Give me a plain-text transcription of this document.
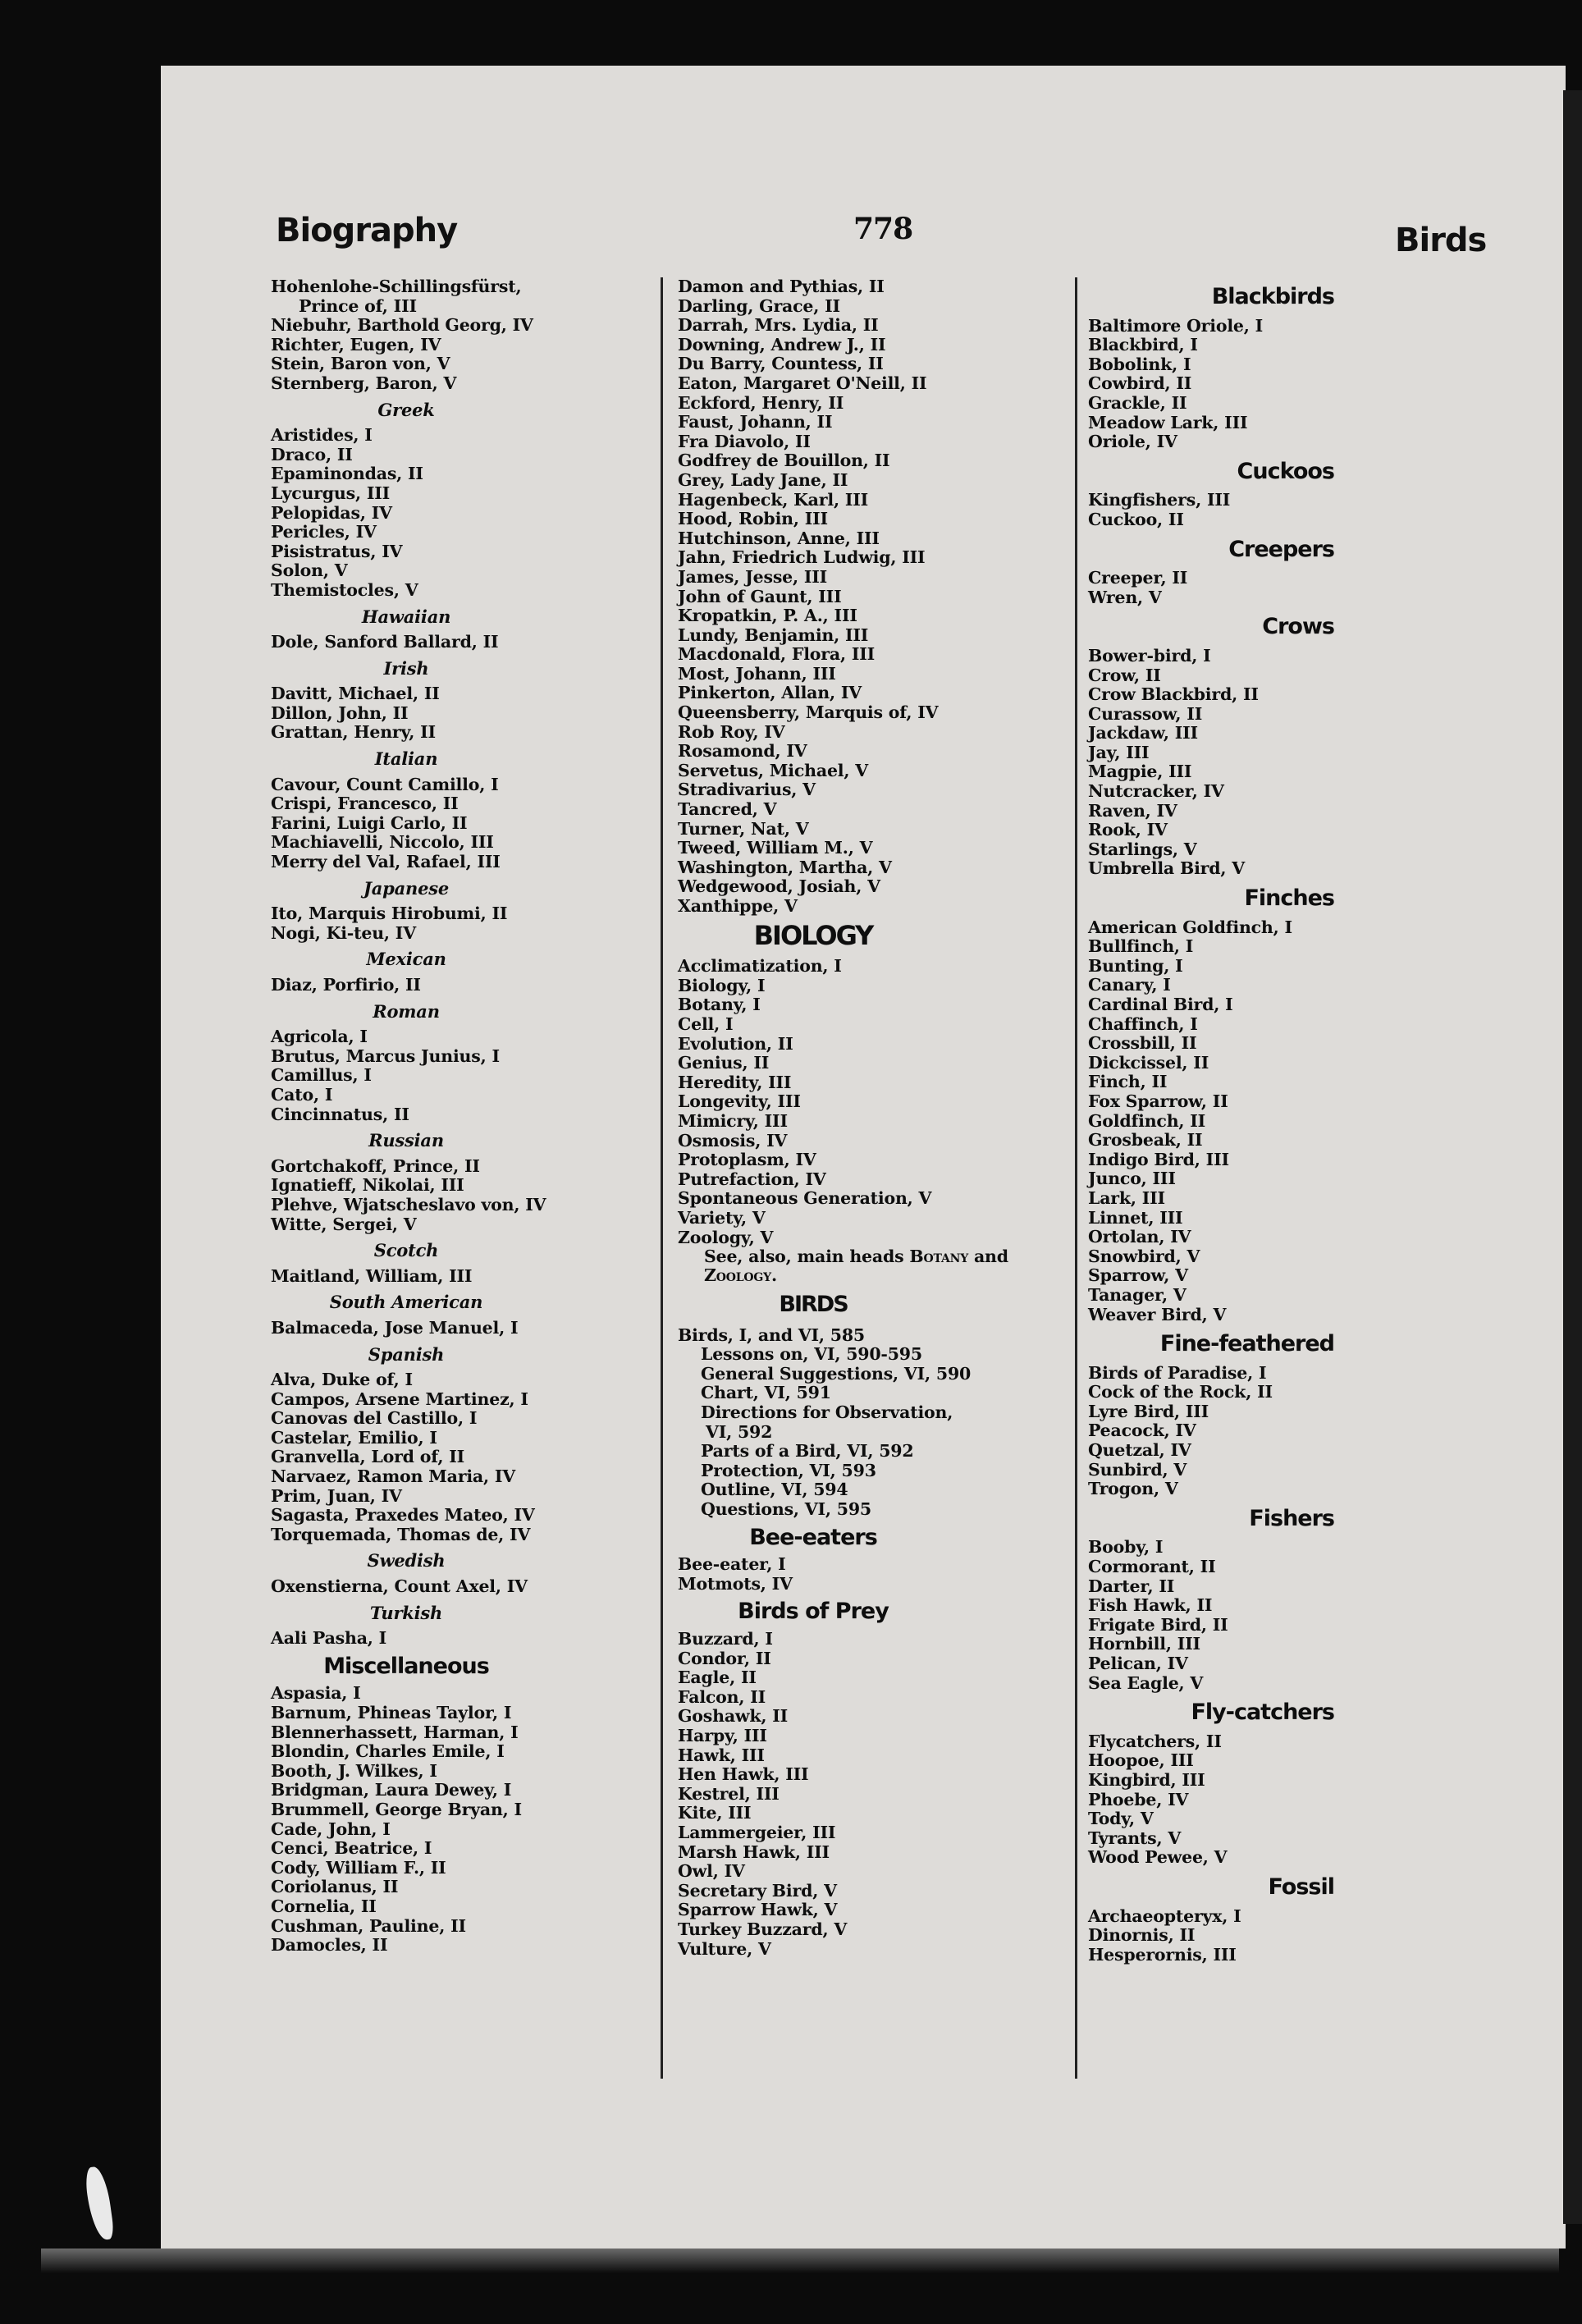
Biography	778	Birds
Hohenlohe-Schillingsfürst,
Prince of, III
Niebuhr, Barthold Georg, IV
Richter, Eugen, IV
Stein, Baron von, V
Sternberg, Baron, V
Greek
Aristides, I
Draco, II
Epaminondas, II
Lycurgus, III
Pelopidas, IV
Pericles, IV
Pisistratus, IV
Solon, V
Themistocles, V
Hawaiian
Dole, Sanford Ballard, II
Irish
Davitt, Michael, II
Dillon, John, II
Grattan, Henry, II
Italian
Cavour, Count Camillo, I
Crispi, Francesco, II
Farini, Luigi Carlo, II
Machiavelli, Niccolo, III
Merry del Val, Rafael, III
Japanese
Ito, Marquis Hirobumi, II
Nogi, Ki-teu, IV
Mexican
Diaz, Porfirio, II
Roman
Agricola, I
Brutus, Marcus Junius, I
Camillus, I
Cato, I
Cincinnatus, II
Russian
Gortchakoff, Prince, II
Ignatieff, Nikolai, III
Plehve, Wjatscheslavo von, IV
Witte, Sergei, V
Scotch
Maitland, William, III
South American
Balmaceda, Jose Manuel, I
Spanish
Alva, Duke of, I
Campos, Arsene Martinez, I
Canovas del Castillo, I
Castelar, Emilio, I
Granvella, Lord of, II
Narvaez, Ramon Maria, IV
Prim, Juan, IV
Sagasta, Praxedes Mateo, IV
Torquemada, Thomas de, IV
Swedish
Oxenstierna, Count Axel, IV
Turkish
Aali Pasha, I
Miscellaneous
Aspasia, I
Barnum, Phineas Taylor, I
Blennerhassett, Harman, I
Blondin, Charles Emile, I
Booth, J. Wilkes, I
Bridgman, Laura Dewey, I
Brummell, George Bryan, I
Cade, John, I
Cenci, Beatrice, I
Cody, William F., II
Coriolanus, II
Cornelia, II
Cushman, Pauline, II
Damocles, II
Damon and Pythias, II
Darling, Grace, II
Darrah, Mrs. Lydia, II
Downing, Andrew J., II
Du Barry, Countess, II
Eaton, Margaret O'Neill, II
Eckford, Henry, II
Faust, Johann, II
Fra Diavolo, II
Godfrey de Bouillon, II
Grey, Lady Jane, II
Hagenbeck, Karl, III
Hood, Robin, III
Hutchinson, Anne, III
Jahn, Friedrich Ludwig, III
James, Jesse, III
John of Gaunt, III
Kropatkin, P. A., III
Lundy, Benjamin, III
Macdonald, Flora, III
Most, Johann, III
Pinkerton, Allan, IV
Queensberry, Marquis of, IV
Rob Roy, IV
Rosamond, IV
Servetus, Michael, V
Stradivarius, V
Tancred, V
Turner, Nat, V
Tweed, William M., V
Washington, Martha, V
Wedgewood, Josiah, V
Xanthippe, V
BIOLOGY
Acclimatization, I
Biology, I
Botany, I
Cell, I
Evolution, II
Genius, II
Heredity, III
Longevity, III
Mimicry, III
Osmosis, IV
Protoplasm, IV
Putrefaction, IV
Spontaneous Generation, V
Variety, V
Zoology, V
See, also, main heads Botany and Zoology.
BIRDS
Birds, I, and VI, 585
Lessons on, VI, 590-595
General Suggestions, VI, 590
Chart, VI, 591
Directions for Observation,
VI, 592
Parts of a Bird, VI, 592
Protection, VI, 593
Outline, VI, 594
Questions, VI, 595
Bee-eaters
Bee-eater, I
Motmots, IV
Birds of Prey
Buzzard, I
Condor, II
Eagle, II
Falcon, II
Goshawk, II
Harpy, III
Hawk, III
Hen Hawk, III
Kestrel, III
Kite, III
Lammergeier, III
Marsh Hawk, III
Owl, IV
Secretary Bird, V
Sparrow Hawk, V
Turkey Buzzard, V
Vulture, V
Blackbirds
Baltimore Oriole, I
Blackbird, I
Bobolink, I
Cowbird, II
Grackle, II
Meadow Lark, III
Oriole, IV
Cuckoos
Kingfishers, III
Cuckoo, II
Creepers
Creeper, II
Wren, V
Crows
Bower-bird, I
Crow, II
Crow Blackbird, II
Curassow, II
Jackdaw, III
Jay, III
Magpie, III
Nutcracker, IV
Raven, IV
Rook, IV
Starlings, V
Umbrella Bird, V
Finches
American Goldfinch, I
Bullfinch, I
Bunting, I
Canary, I
Cardinal Bird, I
Chaffinch, I
Crossbill, II
Dickcissel, II
Finch, II
Fox Sparrow, II
Goldfinch, II
Grosbeak, II
Indigo Bird, III
Junco, III
Lark, III
Linnet, III
Ortolan, IV
Snowbird, V
Sparrow, V
Tanager, V
Weaver Bird, V
Fine-feathered
Birds of Paradise, I
Cock of the Rock, II
Lyre Bird, III
Peacock, IV
Quetzal, IV
Sunbird, V
Trogon, V
Fishers
Booby, I
Cormorant, II
Darter, II
Fish Hawk, II
Frigate Bird, II
Hornbill, III
Pelican, IV
Sea Eagle, V
Fly-catchers
Flycatchers, II
Hoopoe, III
Kingbird, III
Phoebe, IV
Tody, V
Tyrants, V
Wood Pewee, V
Fossil
Archaeopteryx, I
Dinornis, II
Hesperornis, III
